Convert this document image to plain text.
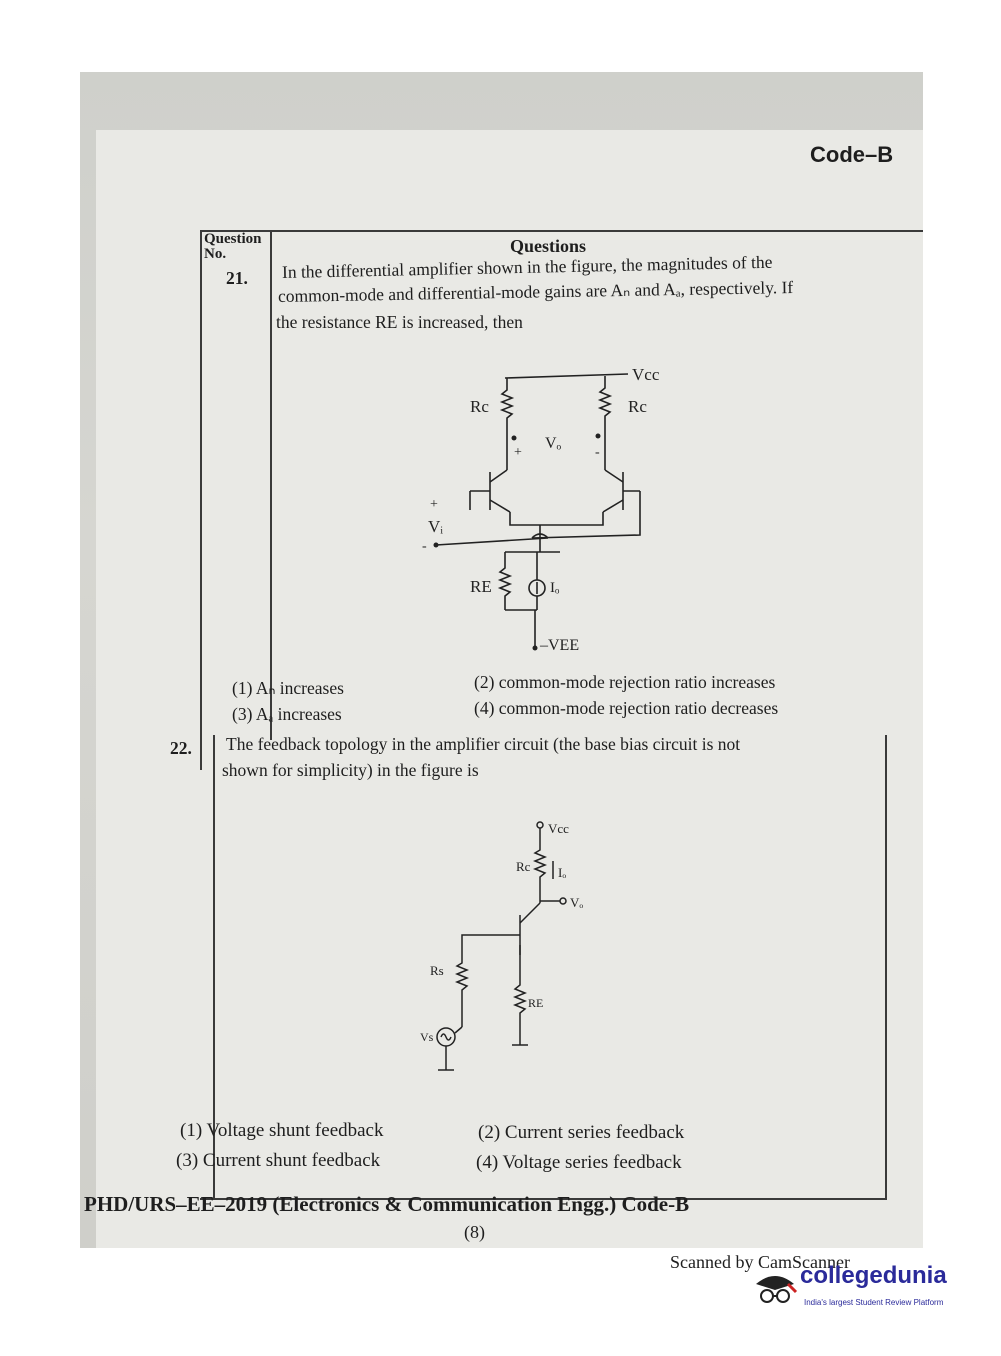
Code–B
Question No.	Questions
21. In the differential amplifier shown in the figure, the magnitudes of the
common-mode and differential-mode gains are Aₙ and Aₐ, respectively. If
the resistance RE is increased, then
Rc	Rc
Vcc
Vₒ
+	-
+
Vᵢ
-
RE	Iₒ
–VEE
(1) Aₙ increases	(2) common-mode rejection ratio increases
(3) Aₐ increases	(4) common-mode rejection ratio decreases
22. The feedback topology in the amplifier circuit (the base bias circuit is not
shown for simplicity) in the figure is
Vcc
Rc Iₒ
Vₒ
Rs
Vs
RE
(1) Voltage shunt feedback	(2) Current series feedback
(3) Current shunt feedback	(4) Voltage series feedback
PHD/URS–EE–2019 (Electronics & Communication Engg.) Code-B
(8)
Scanned by CamScanner
collegedunia
India's largest Student Review Platform
